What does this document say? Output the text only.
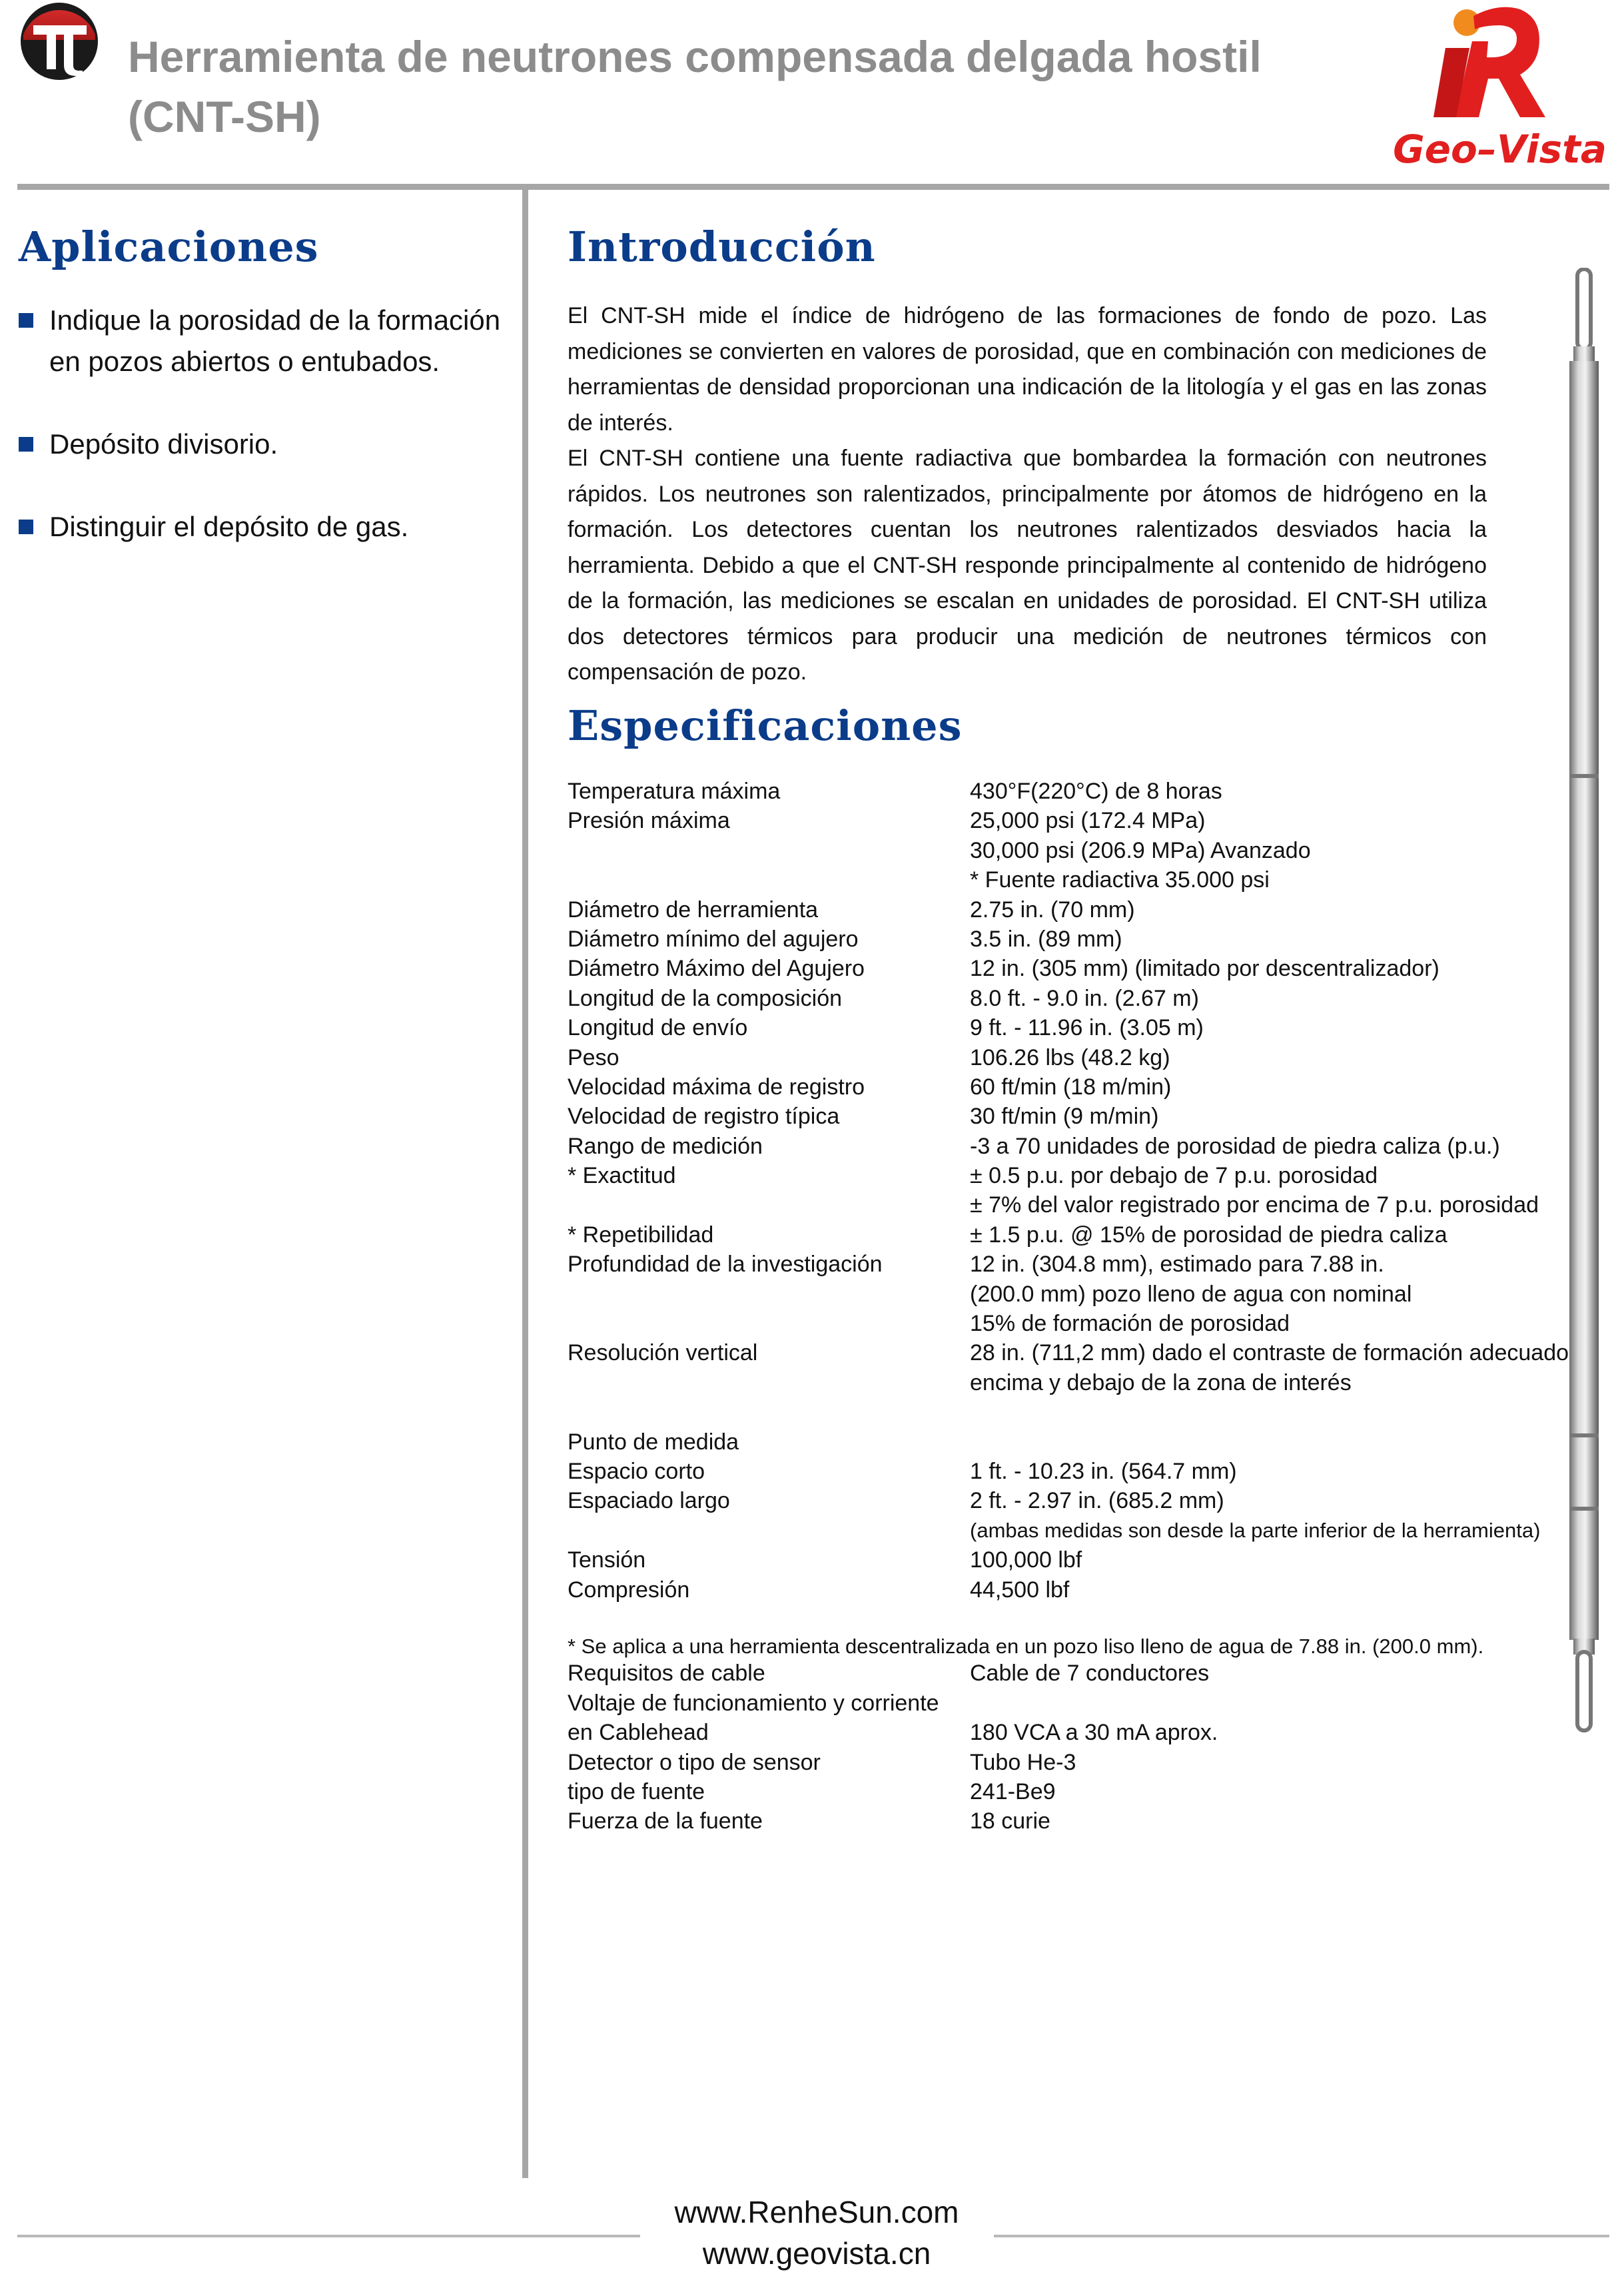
Herramienta de neutrones compensada delgada hostil (CNT-SH)
Geo–Vista
Aplicaciones
Indique la porosidad de la formación en pozos abiertos o entubados.
Depósito divisorio.
Distinguir el depósito de gas.
Introducción

El CNT-SH mide el índice de hidrógeno de las formaciones de fondo de pozo. Las mediciones se convierten en valores de porosidad, que en combinación con mediciones de herramientas de densidad proporcionan una indicación de la litología y el gas en las zonas de interés.

El CNT-SH contiene una fuente radiactiva que bombardea la formación con neutrones rápidos. Los neutrones son ralentizados, principalmente por átomos de hidrógeno en la formación. Los detectores cuentan los neutrones ralentizados desviados hacia la herramienta. Debido a que el CNT-SH responde principalmente al contenido de hidrógeno de la formación, las mediciones se escalan en unidades de porosidad. El CNT-SH utiliza dos detectores térmicos para producir una medición de neutrones térmicos con compensación de pozo.

Especificaciones
Temperatura máxima	430°F(220°C) de 8 horas
Presión máxima	25,000 psi (172.4 MPa)
30,000 psi (206.9 MPa) Avanzado
* Fuente radiactiva 35.000 psi
Diámetro de herramienta	2.75 in. (70 mm)
Diámetro mínimo del agujero	3.5 in. (89 mm)
Diámetro Máximo del Agujero	12 in. (305 mm) (limitado por descentralizador)
Longitud de la composición	8.0 ft. - 9.0 in. (2.67 m)
Longitud de envío	9 ft. - 11.96 in. (3.05 m)
Peso	106.26 lbs (48.2 kg)
Velocidad máxima de registro	60 ft/min (18 m/min)
Velocidad de registro típica	30 ft/min (9 m/min)
Rango de medición	-3 a 70 unidades de porosidad de piedra caliza (p.u.)
* Exactitud	± 0.5 p.u. por debajo de 7 p.u. porosidad
± 7% del valor registrado por encima de 7 p.u. porosidad
* Repetibilidad	± 1.5 p.u. @ 15% de porosidad de piedra caliza
Profundidad de la investigación	12 in. (304.8 mm), estimado para 7.88 in.
(200.0 mm) pozo lleno de agua con nominal
15% de formación de porosidad
Resolución vertical	28 in. (711,2 mm) dado el contraste de formación adecuado
encima y debajo de la zona de interés
Punto de medida
Espacio corto	1 ft. - 10.23 in. (564.7 mm)
Espaciado largo	2 ft. - 2.97 in. (685.2 mm)
(ambas medidas son desde la parte inferior de la herramienta)
Tensión	100,000 lbf
Compresión	44,500 lbf
* Se aplica a una herramienta descentralizada en un pozo liso lleno de agua de 7.88 in. (200.0 mm).
Requisitos de cable	Cable de 7 conductores
Voltaje de funcionamiento y corriente
en Cablehead	180 VCA a 30 mA aprox.
Detector o tipo de sensor	Tubo He-3
tipo de fuente	241-Be9
Fuerza de la fuente	18 curie
www.RenheSun.com
www.geovista.cn
